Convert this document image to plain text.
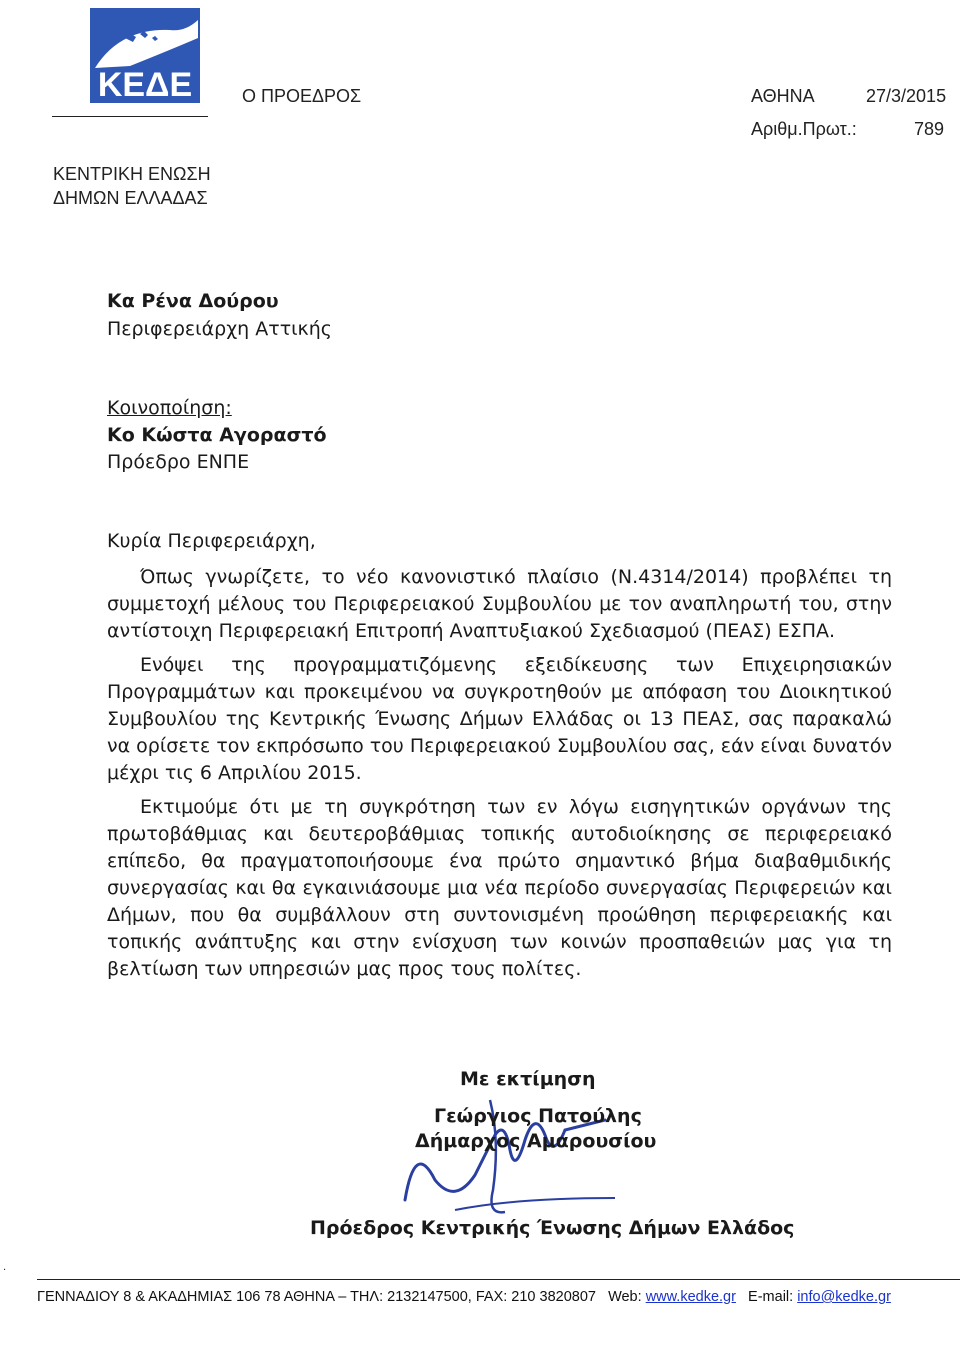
ΚΕΔΕ	Ο ΠΡΟΕΔΡΟΣ	ΑΘΗΝΑ	27/3/2015
Αριθμ.Πρωτ.:	789
ΚΕΝΤΡΙΚΗ ΕΝΩΣΗ
ΔΗΜΩΝ ΕΛΛΑΔΑΣ
Κα Ρένα Δούρου
Περιφερειάρχη Αττικής
Κοινοποίηση:
Κο Κώστα Αγοραστό
Πρόεδρο ΕΝΠΕ
Κυρία Περιφερειάρχη,

Όπως γνωρίζετε, το νέο κανονιστικό πλαίσιο (Ν.4314/2014) προβλέπει τη συμμετοχή μέλους του Περιφερειακού Συμβουλίου με τον αναπληρωτή του, στην αντίστοιχη Περιφερειακή Επιτροπή Αναπτυξιακού Σχεδιασμού (ΠΕΑΣ) ΕΣΠΑ.

Ενόψει της προγραμματιζόμενης εξειδίκευσης των Επιχειρησιακών Προγραμμάτων και προκειμένου να συγκροτηθούν με απόφαση του Διοικητικού Συμβουλίου της Κεντρικής Ένωσης Δήμων Ελλάδας οι 13 ΠΕΑΣ, σας παρακαλώ να ορίσετε τον εκπρόσωπο του Περιφερειακού Συμβουλίου σας, εάν είναι δυνατόν μέχρι τις 6 Απριλίου 2015.

Εκτιμούμε ότι με τη συγκρότηση των εν λόγω εισηγητικών οργάνων της πρωτοβάθμιας και δευτεροβάθμιας τοπικής αυτοδιοίκησης σε περιφερειακό επίπεδο, θα πραγματοποιήσουμε ένα πρώτο σημαντικό βήμα διαβαθμιδικής συνεργασίας και θα εγκαινιάσουμε μια νέα περίοδο συνεργασίας Περιφερειών και Δήμων, που θα συμβάλλουν στη συντονισμένη προώθηση περιφερειακής και τοπικής ανάπτυξης και στην ενίσχυση των κοινών προσπαθειών μας για τη βελτίωση των υπηρεσιών μας προς τους πολίτες.

Με εκτίμηση
Γεώργιος Πατούλης
Δήμαρχος Αμαρουσίου
Πρόεδρος Κεντρικής Ένωσης Δήμων Ελλάδος
.
ΓΕΝΝΑΔΙΟΥ 8 & ΑΚΑΔΗΜΙΑΣ 106 78 ΑΘΗΝΑ – ΤΗΛ: 2132147500, FAX: 210 3820807 Web: www.kedke.gr E-mail: info@kedke.gr
